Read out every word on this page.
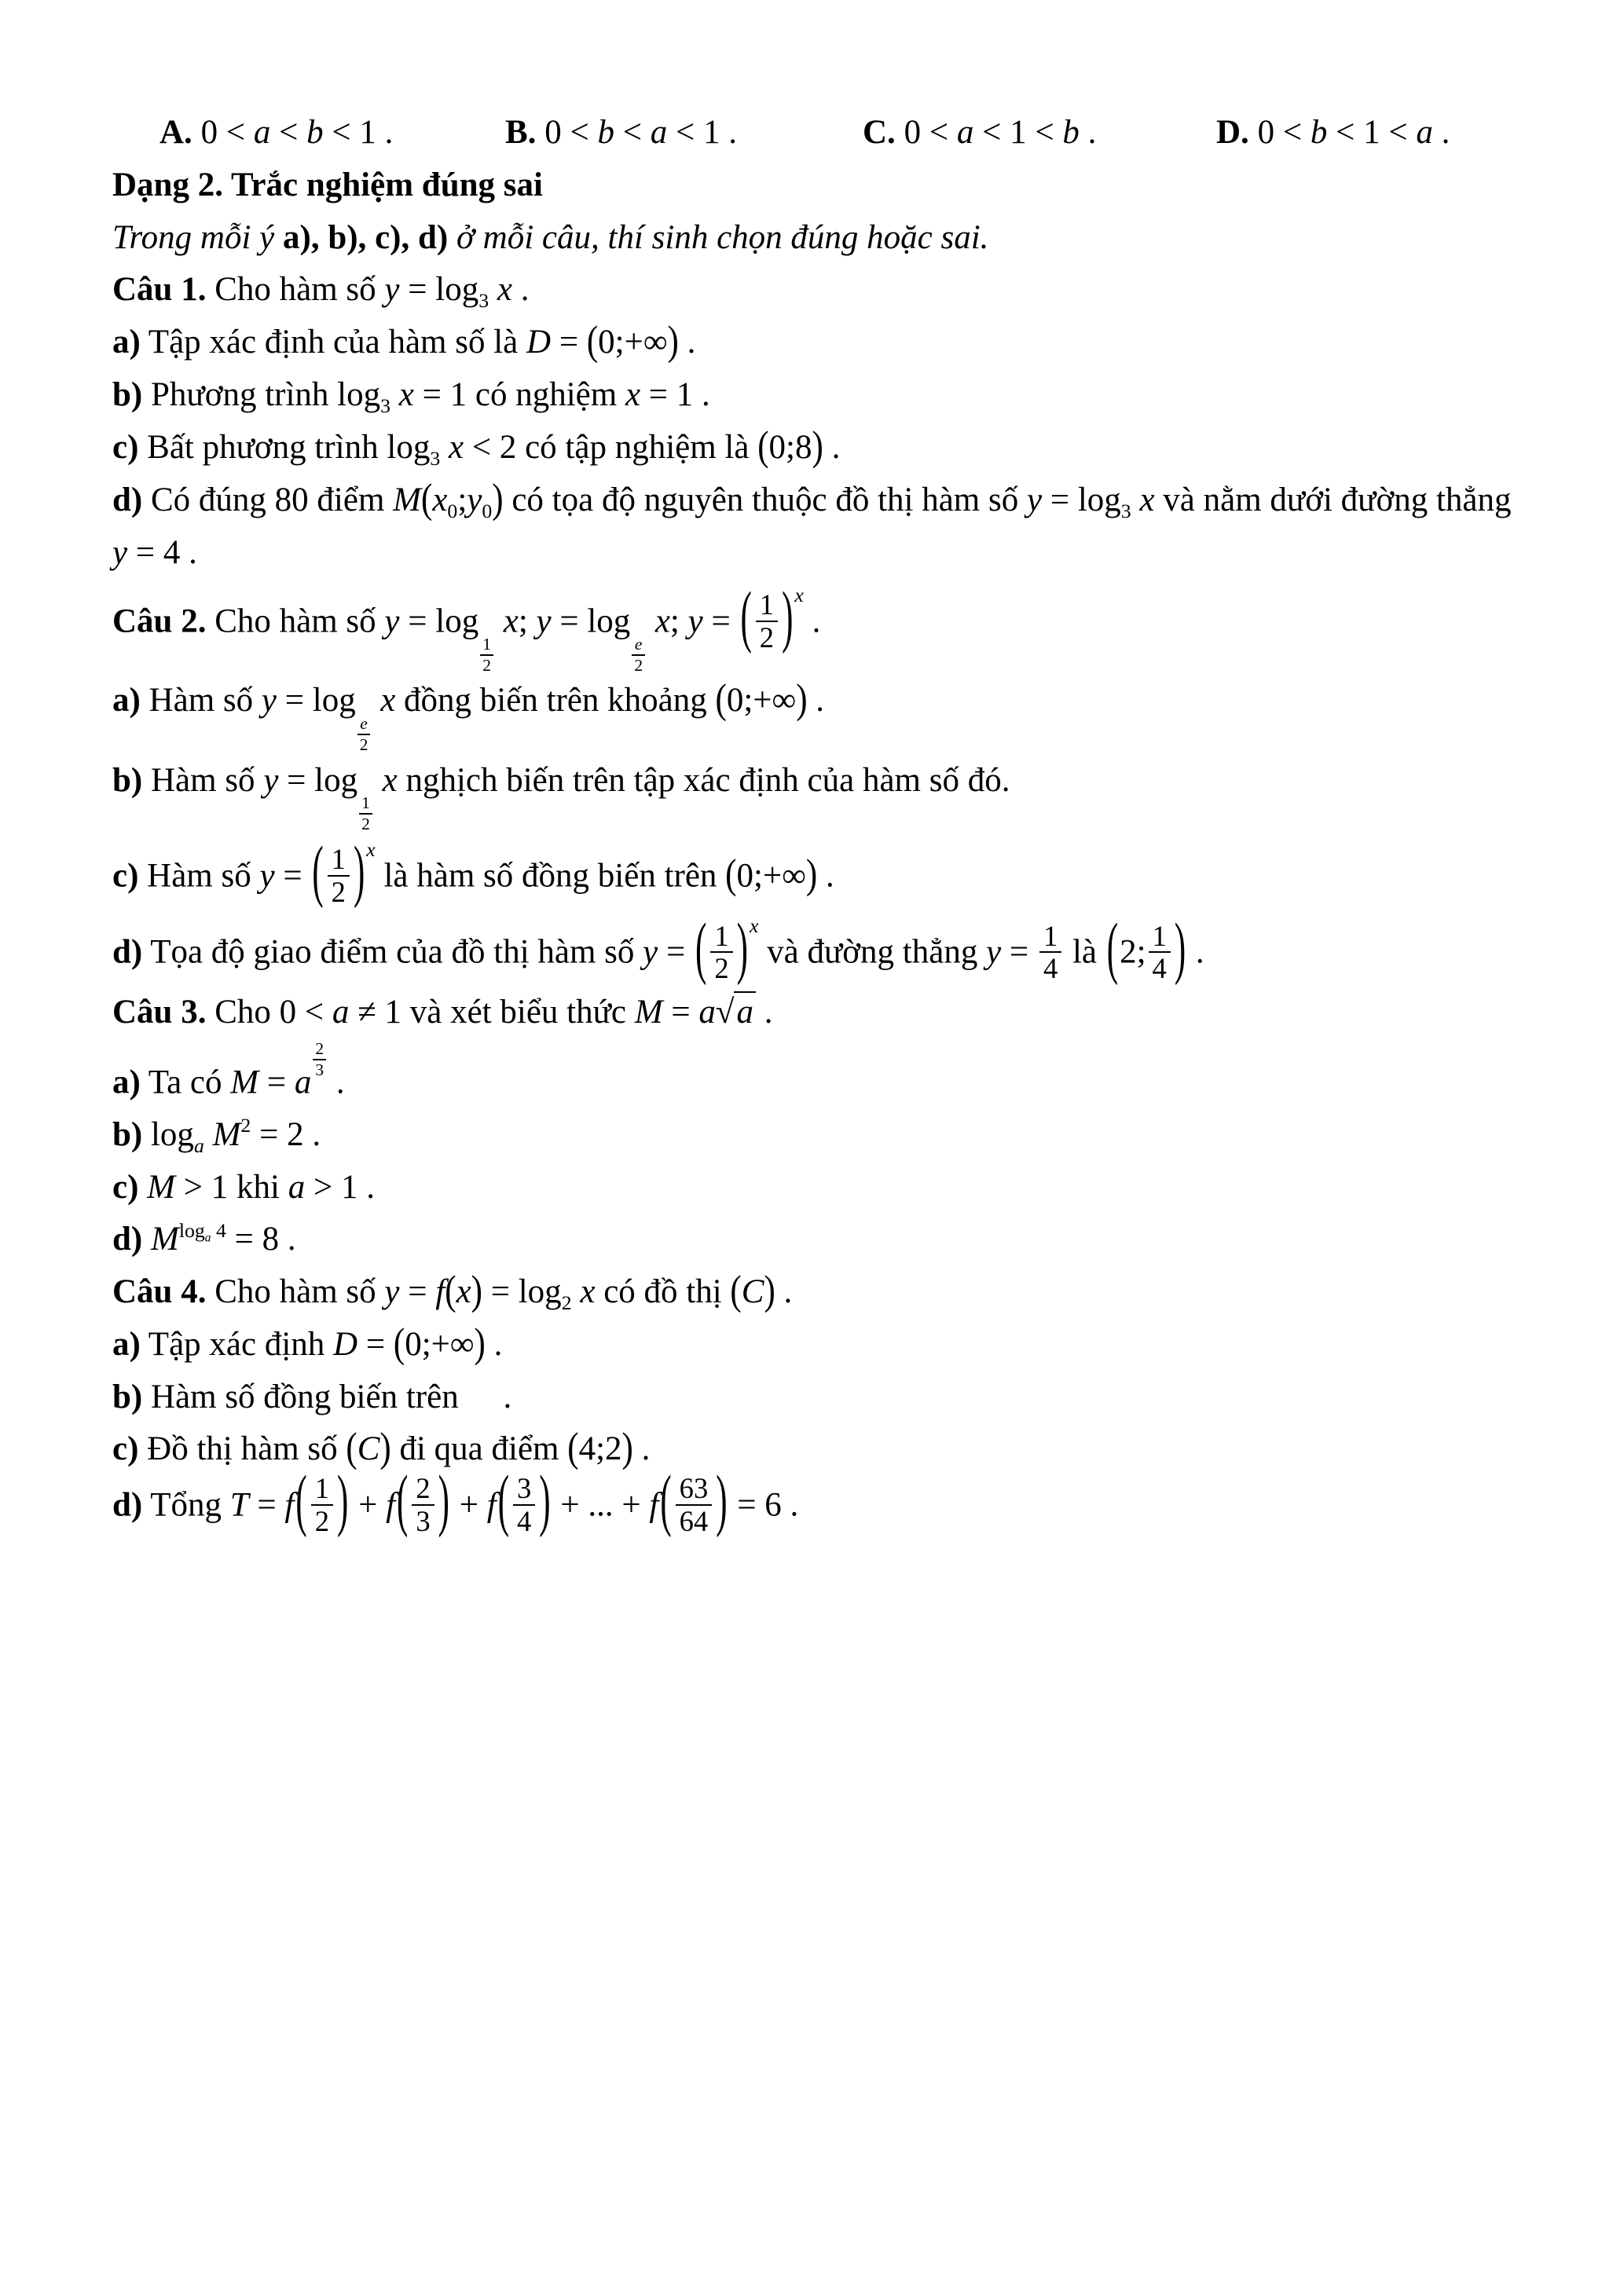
A. 0 < a < b < 1 .	B. 0 < b < a < 1 .	C. 0 < a < 1 < b .	D. 0 < b < 1 < a .

Dạng 2. Trắc nghiệm đúng sai

Trong mỗi ý a), b), c), d) ở mỗi câu, thí sinh chọn đúng hoặc sai.

Câu 1. Cho hàm số $y = \log_3 x$ .

a) Tập xác định của hàm số là D = (0;+∞) .

b) Phương trình $\log_3 x = 1$ có nghiệm x = 1 .

c) Bất phương trình $\log_3 x < 2$ có tập nghiệm là (0;8) .

d) Có đúng 80 điểm $M(x_0;y_0)$ có tọa độ nguyên thuộc đồ thị hàm số $y = \log_3 x$ và nằm dưới đường thẳng y = 4 .

Câu 2. Cho hàm số y = log
$\frac{1}{2}$
x; y = log
$\frac{e}{2}$
x; y = ( $\frac{1}{2} )^x$ .

a) Hàm số y = log
$\frac{e}{2}$
x đồng biến trên khoảng (0;+∞) .

b) Hàm số y = log
$\frac{1}{2}$
x nghịch biến trên tập xác định của hàm số đó.

c) Hàm số y = ( $\frac{1}{2} )^x$ là hàm số đồng biến trên (0;+∞) .

d) Tọa độ giao điểm của đồ thị hàm số y = ( $\frac{1}{2} )^x$ và đường thẳng $y = \frac{1}{4}$ là (2; $\frac{1}{4}$ ) .

Câu 3. Cho 0 < a ≠ 1 và xét biểu thức M = a √ a .

a) Ta có M = a
$\frac{2}{3}$
.

b) $\log_a M^2 = 2$ .

c) M > 1 khi a > 1 .

d) $M^{log_a 4} = 8$ .

Câu 4. Cho hàm số $y = f(x) = \log_2 x$ có đồ thị (C) .

a) Tập xác định D = (0;+∞) .

b) Hàm số đồng biến trên .

c) Đồ thị hàm số (C) đi qua điểm (4;2) .

d) Tổng $T = f( \frac{1}{2}$ ) + $f( \frac{2}{3}$ ) + $f( \frac{3}{4}$ ) + ... + $f( \frac{63}{64}$ ) = 6 .
